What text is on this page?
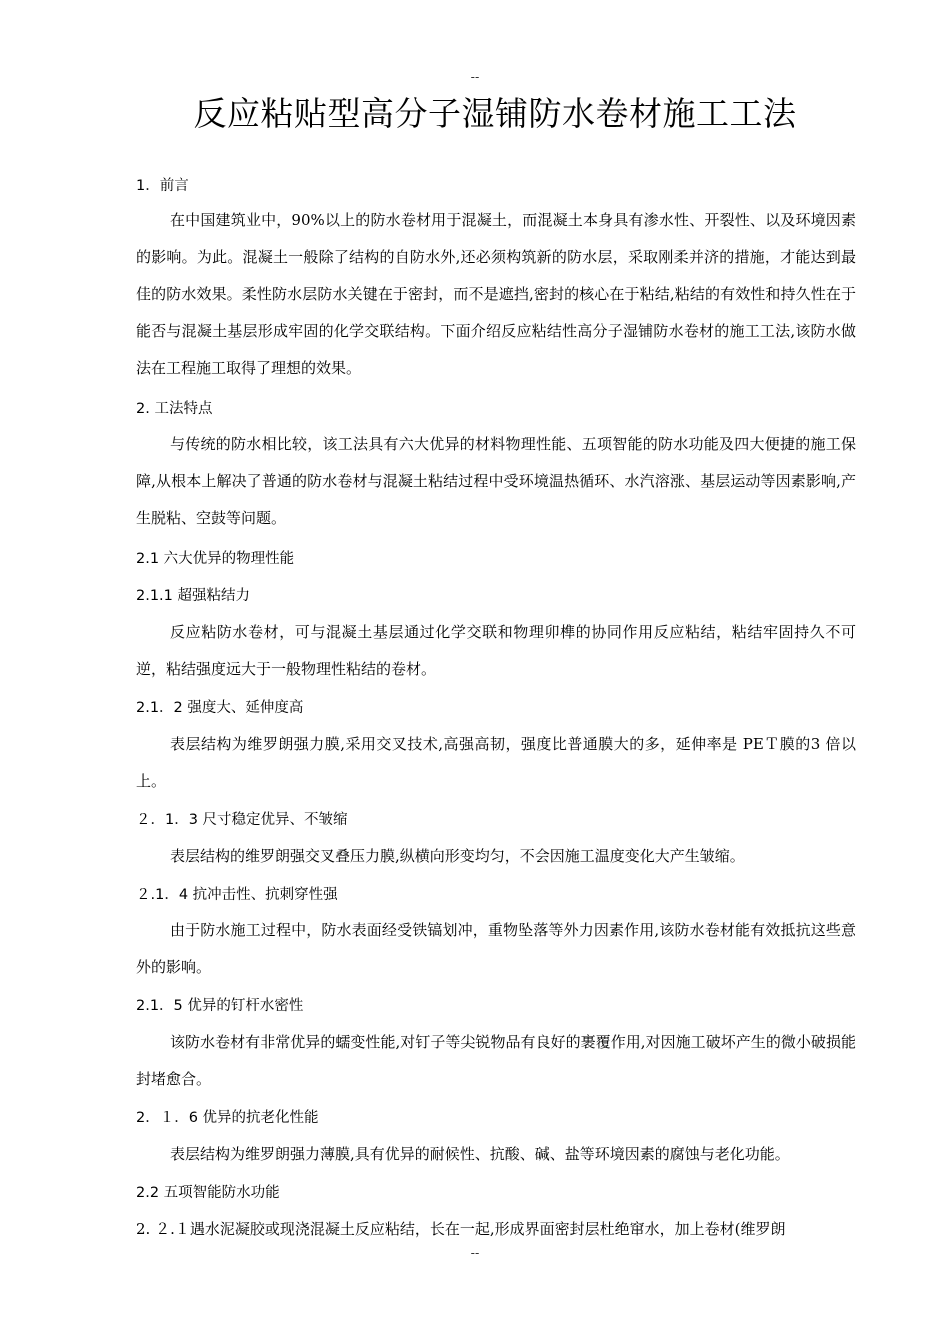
--
反应粘贴型高分子湿铺防水卷材施工工法
1．前言

在中国建筑业中，90%以上的防水卷材用于混凝土，而混凝土本身具有渗水性、开裂性、以及环境因素的影响。为此。混凝土一般除了结构的自防水外,还必须构筑新的防水层，采取刚柔并济的措施，才能达到最佳的防水效果。柔性防水层防水关键在于密封，而不是遮挡,密封的核心在于粘结,粘结的有效性和持久性在于能否与混凝土基层形成牢固的化学交联结构。下面介绍反应粘结性高分子湿铺防水卷材的施工工法,该防水做法在工程施工取得了理想的效果。

2. 工法特点

与传统的防水相比较，该工法具有六大优异的材料物理性能、五项智能的防水功能及四大便捷的施工保障,从根本上解决了普通的防水卷材与混凝土粘结过程中受环境温热循环、水汽溶涨、基层运动等因素影响,产生脱粘、空鼓等问题。

2.1 六大优异的物理性能
2.1.1 超强粘结力

反应粘防水卷材，可与混凝土基层通过化学交联和物理卯榫的协同作用反应粘结，粘结牢固持久不可逆，粘结强度远大于一般物理性粘结的卷材。

2.1．2 强度大、延伸度高

表层结构为维罗朗强力膜,采用交叉技术,高强高韧，强度比普通膜大的多，延伸率是 PEＴ膜的3 倍以上。

２．1．3 尺寸稳定优异、不皱缩

表层结构的维罗朗强交叉叠压力膜,纵横向形变均匀，不会因施工温度变化大产生皱缩。

２.1．4 抗冲击性、抗刺穿性强

由于防水施工过程中，防水表面经受铁镐划冲，重物坠落等外力因素作用,该防水卷材能有效抵抗这些意外的影响。

2.1．5 优异的钉杆水密性

该防水卷材有非常优异的蠕变性能,对钉子等尖锐物品有良好的裹覆作用,对因施工破坏产生的微小破损能封堵愈合。

2．１．6 优异的抗老化性能

表层结构为维罗朗强力薄膜,具有优异的耐候性、抗酸、碱、盐等环境因素的腐蚀与老化功能。

2.2 五项智能防水功能

2. ２.１遇水泥凝胶或现浇混凝土反应粘结，长在一起,形成界面密封层杜绝窜水，加上卷材(维罗朗

--
